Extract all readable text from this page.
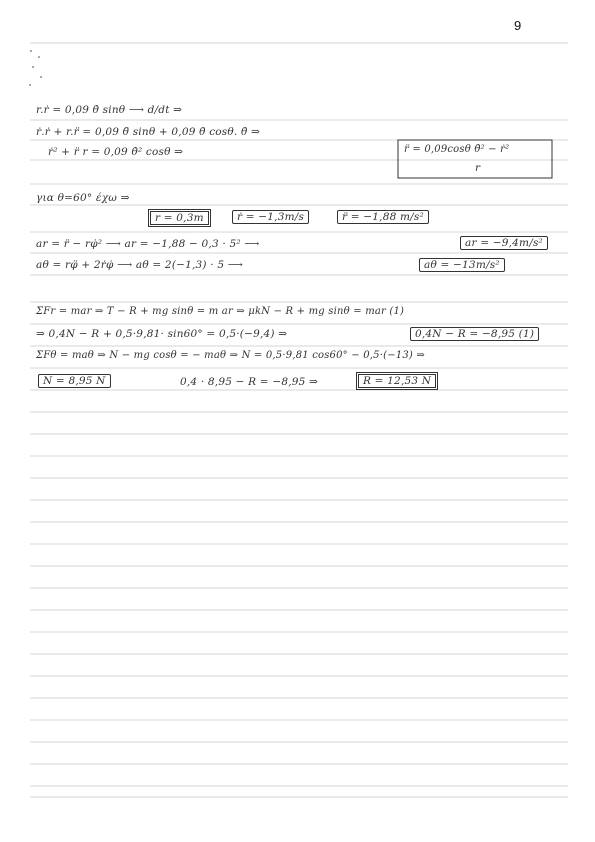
9
r.ṙ = 0,09 θ̇ sinθ ⟶ d/dt ⇒
ṙ.ṙ + r.r̈ = 0,09 θ̈ sinθ + 0,09 θ̇ cosθ. θ̇ ⇒
ṙ² + r̈ r = 0,09 θ̇² cosθ ⇒	r̈ = 0,09cosθ θ̇² − ṙ²
r
για θ=60° έχω ⇒
r = 0,3m	ṙ = −1,3m/s	r̈ = −1,88 m/s²
ar = r̈ − rφ̇² ⟶ ar = −1,88 − 0,3 · 5² ⟶	ar = −9,4m/s²
aθ = rφ̈ + 2ṙφ̇ ⟶ aθ = 2(−1,3) · 5 ⟶	aθ = −13m/s²
ΣFr = mar ⇒ T − R + mg sinθ = m ar ⇒ μkN − R + mg sinθ = mar (1)
⇒ 0,4N − R + 0,5·9,81· sin60° = 0,5·(−9,4) ⇒	0,4N − R = −8,95 (1)
ΣFθ = maθ ⇒ N − mg cosθ = − maθ ⇒ N = 0,5·9,81 cos60° − 0,5·(−13) ⇒
N = 8,95 N	0,4 · 8,95 − R = −8,95 ⇒	R = 12,53 N
